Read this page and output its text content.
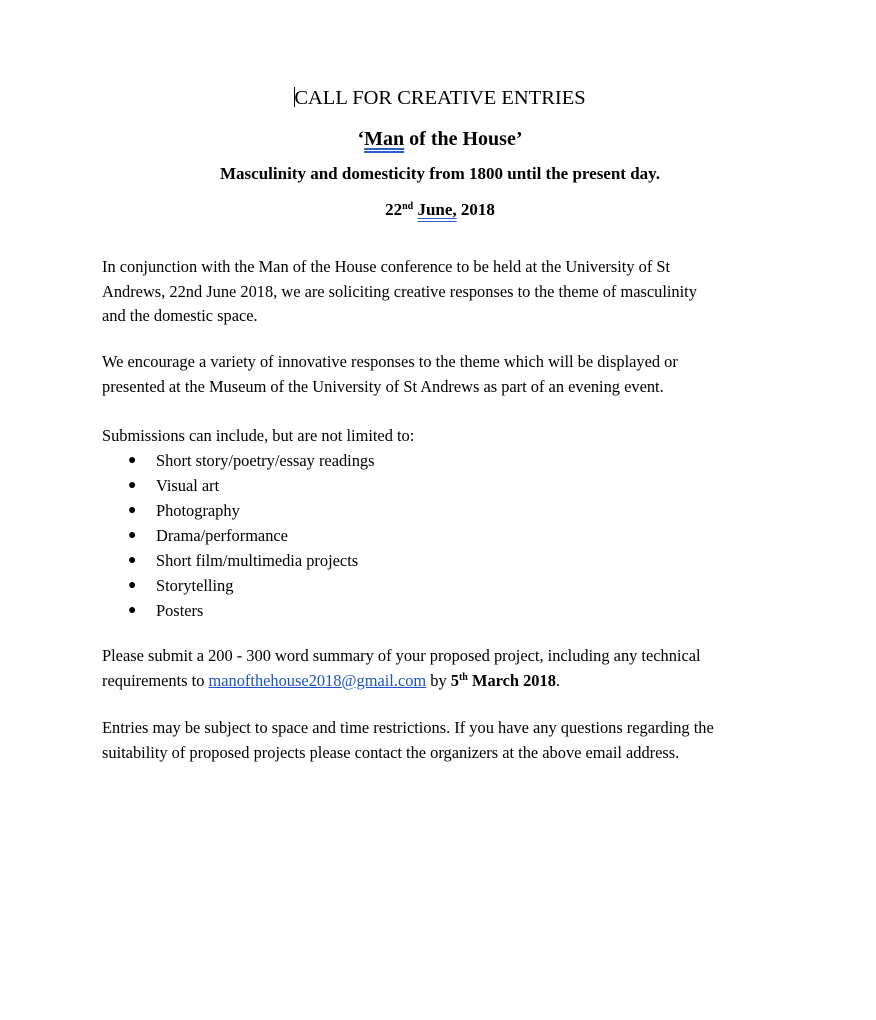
CALL FOR CREATIVE ENTRIES
‘Man of the House’
Masculinity and domesticity from 1800 until the present day.
22nd June, 2018
In conjunction with the Man of the House conference to be held at the University of St
Andrews, 22nd June 2018, we are soliciting creative responses to the theme of masculinity
and the domestic space.
We encourage a variety of innovative responses to the theme which will be displayed or
presented at the Museum of the University of St Andrews as part of an evening event.
Submissions can include, but are not limited to:
● Short story/poetry/essay readings
● Visual art
● Photography
● Drama/performance
● Short film/multimedia projects
● Storytelling
● Posters
Please submit a 200 - 300 word summary of your proposed project, including any technical
requirements to manofthehouse2018@gmail.com by 5th March 2018.
Entries may be subject to space and time restrictions. If you have any questions regarding the
suitability of proposed projects please contact the organizers at the above email address.
